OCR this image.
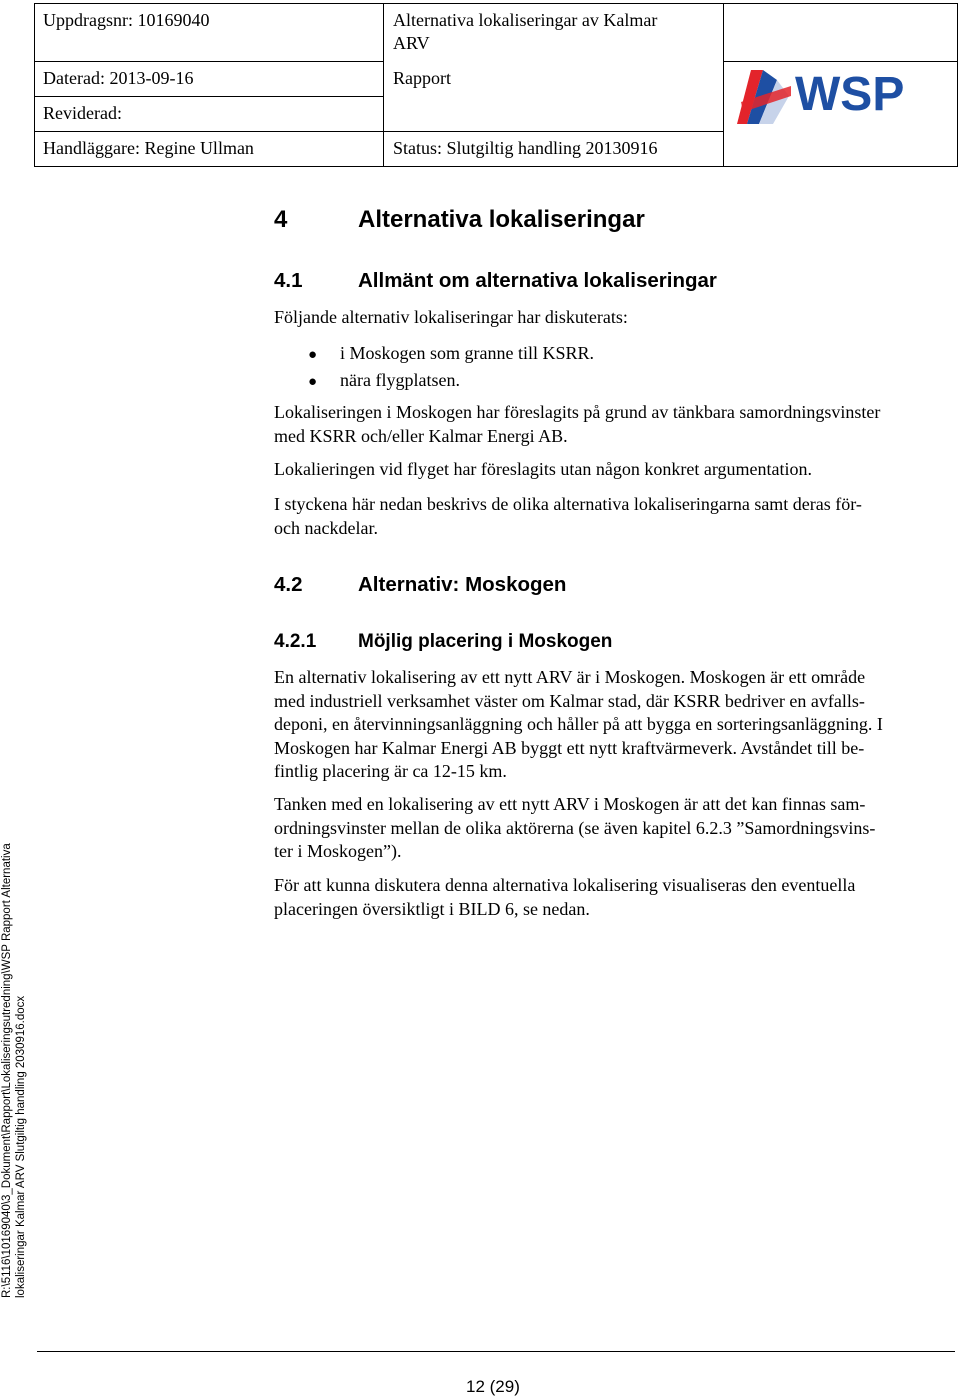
Uppdragsnr: 10169040	Alternativa lokaliseringar av Kalmar
ARV
Daterad: 2013-09-16	Rapport
Reviderad:
Handläggare: Regine Ullman	Status: Slutgiltig handling 20130916
WSP
4	Alternativa lokaliseringar
4.1	Allmänt om alternativa lokaliseringar
Följande alternativ lokaliseringar har diskuterats:
● i Moskogen som granne till KSRR.
● nära flygplatsen.
Lokaliseringen i Moskogen har föreslagits på grund av tänkbara samordningsvinster
med KSRR och/eller Kalmar Energi AB.
Lokalieringen vid flyget har föreslagits utan någon konkret argumentation.
I styckena här nedan beskrivs de olika alternativa lokaliseringarna samt deras för-
och nackdelar.
4.2	Alternativ: Moskogen
4.2.1 Möjlig placering i Moskogen
En alternativ lokalisering av ett nytt ARV är i Moskogen. Moskogen är ett område
med industriell verksamhet väster om Kalmar stad, där KSRR bedriver en avfalls-
deponi, en återvinningsanläggning och håller på att bygga en sorteringsanläggning. I
Moskogen har Kalmar Energi AB byggt ett nytt kraftvärmeverk. Avståndet till be-
fintlig placering är ca 12-15 km.
Tanken med en lokalisering av ett nytt ARV i Moskogen är att det kan finnas sam-
ordningsvinster mellan de olika aktörerna (se även kapitel 6.2.3 ”Samordningsvins-
ter i Moskogen”).
För att kunna diskutera denna alternativa lokalisering visualiseras den eventuella
placeringen översiktligt i BILD 6, se nedan.
R:\5116\10169040\3_Dokument\Rapport\Lokaliseringsutredning\WSP Rapport Alternativa lokaliseringar Kalmar ARV Slutgiltig handling 2030916.docx
12 (29)
